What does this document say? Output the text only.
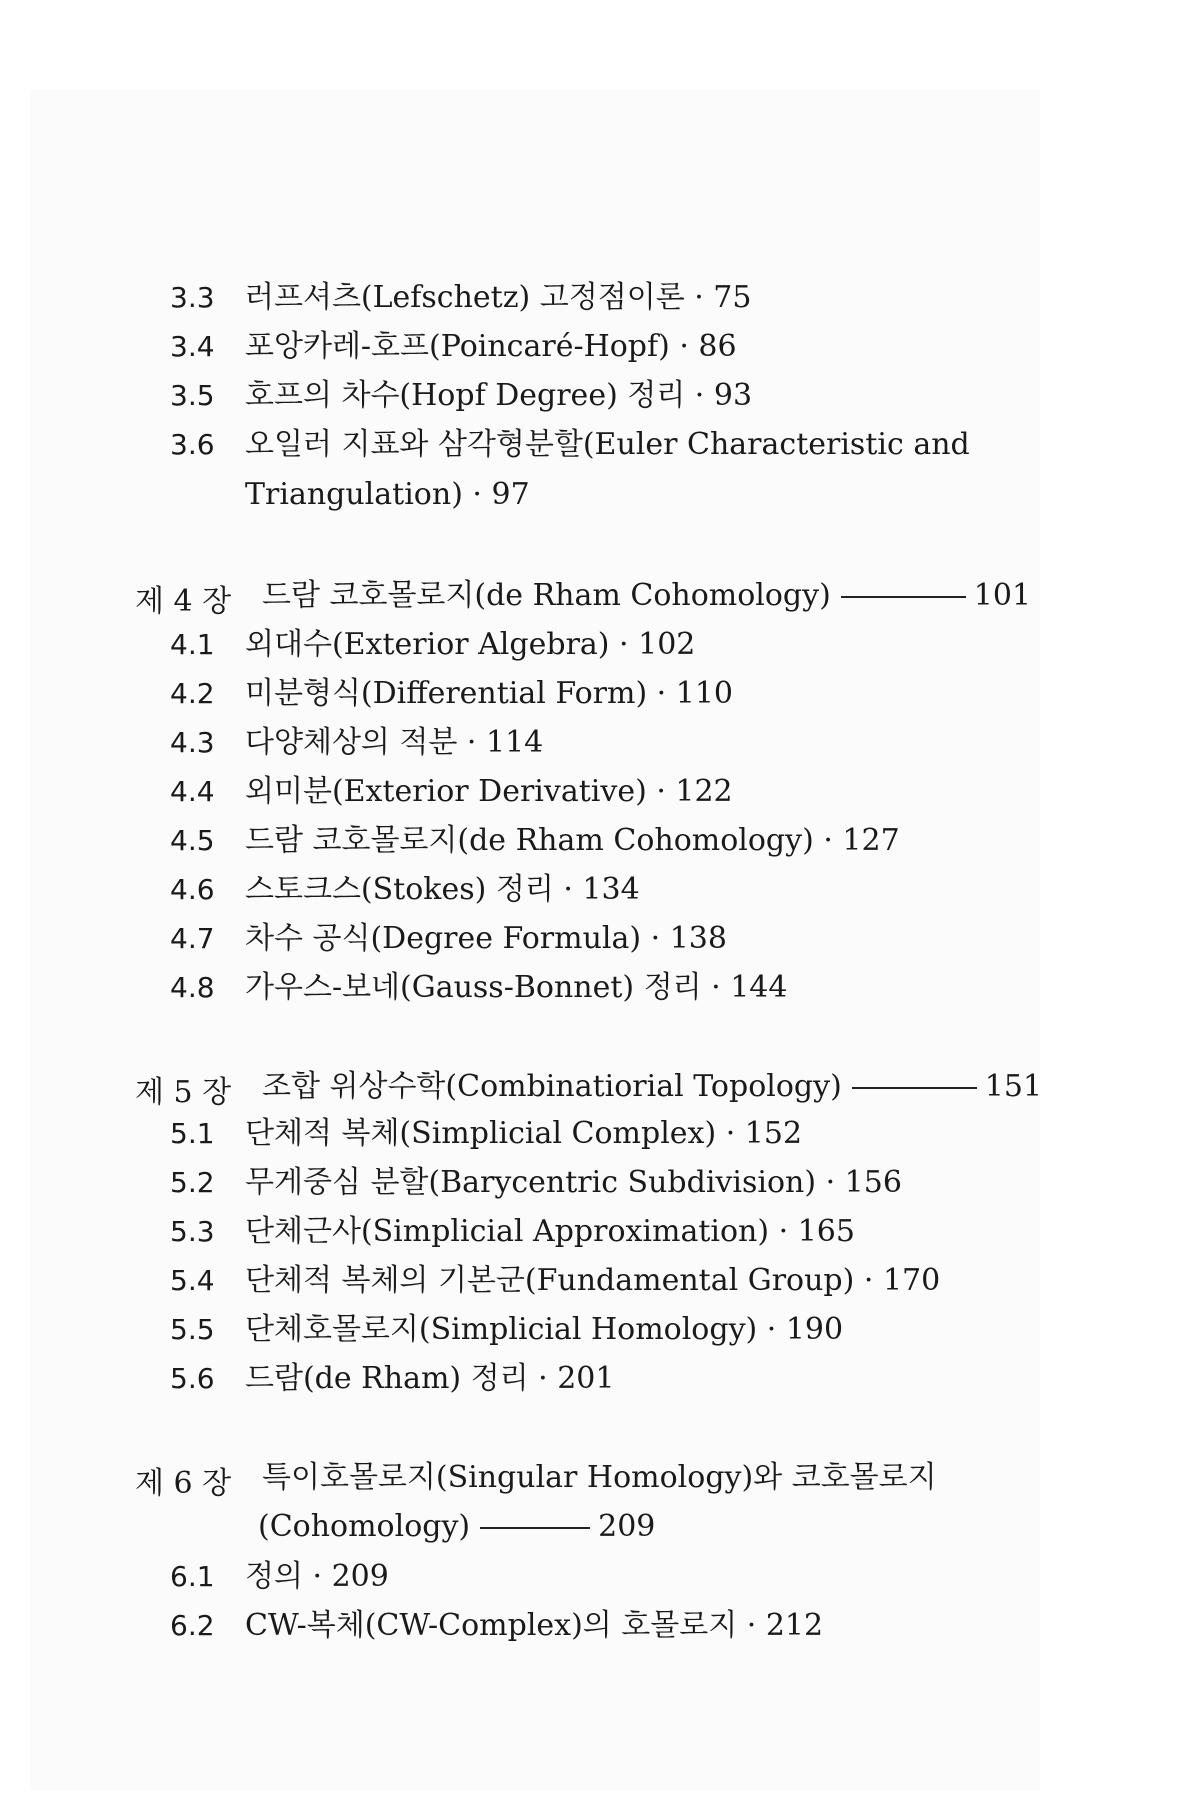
3.3 러프셔츠(Lefschetz) 고정점이론 · 75
3.4 포앙카레-호프(Poincaré-Hopf) · 86
3.5 호프의 차수(Hopf Degree) 정리 · 93
3.6 오일러 지표와 삼각형분할(Euler Characteristic and
Triangulation) · 97
제 4 장 드람 코호몰로지(de Rham Cohomology)	101
4.1 외대수(Exterior Algebra) · 102
4.2 미분형식(Differential Form) · 110
4.3 다양체상의 적분 · 114
4.4 외미분(Exterior Derivative) · 122
4.5 드람 코호몰로지(de Rham Cohomology) · 127
4.6 스토크스(Stokes) 정리 · 134
4.7 차수 공식(Degree Formula) · 138
4.8 가우스-보네(Gauss-Bonnet) 정리 · 144
제 5 장 조합 위상수학(Combinatiorial Topology)	151
5.1 단체적 복체(Simplicial Complex) · 152
5.2 무게중심 분할(Barycentric Subdivision) · 156
5.3 단체근사(Simplicial Approximation) · 165
5.4 단체적 복체의 기본군(Fundamental Group) · 170
5.5 단체호몰로지(Simplicial Homology) · 190
5.6 드람(de Rham) 정리 · 201
제 6 장 특이호몰로지(Singular Homology)와 코호몰로지
(Cohomology)	209
6.1 정의 · 209
6.2 CW-복체(CW-Complex)의 호몰로지 · 212
